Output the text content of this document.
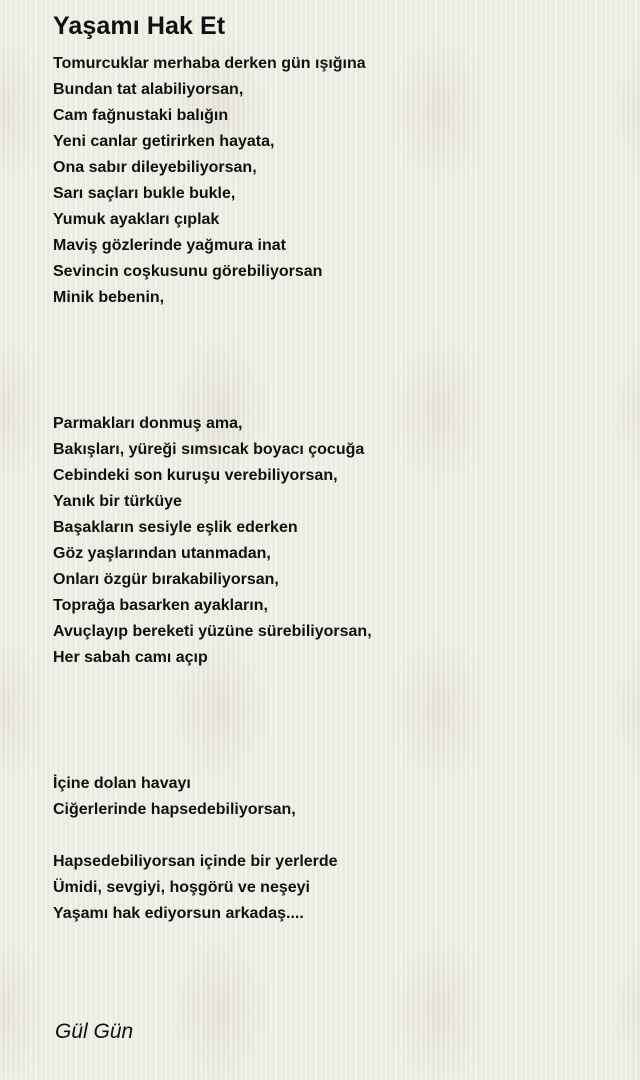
Yaşamı Hak Et
Tomurcuklar merhaba derken gün ışığına
Bundan tat alabiliyorsan,
Cam fağnustaki balığın
Yeni canlar getirirken hayata,
Ona sabır dileyebiliyorsan,
Sarı saçları bukle bukle,
Yumuk ayakları çıplak
Maviş gözlerinde yağmura inat
Sevincin coşkusunu görebiliyorsan
Minik bebenin,
Parmakları donmuş ama,
Bakışları, yüreği sımsıcak boyacı çocuğa
Cebindeki son kuruşu verebiliyorsan,
Yanık bir türküye
Başakların sesiyle eşlik ederken
Göz yaşlarından utanmadan,
Onları özgür bırakabiliyorsan,
Toprağa basarken ayakların,
Avuçlayıp bereketi yüzüne sürebiliyorsan,
Her sabah camı açıp
İçine dolan havayı
Ciğerlerinde hapsedebiliyorsan,
Hapsedebiliyorsan içinde bir yerlerde
Ümidi, sevgiyi, hoşgörü ve neşeyi
Yaşamı hak ediyorsun arkadaş....
Gül Gün
